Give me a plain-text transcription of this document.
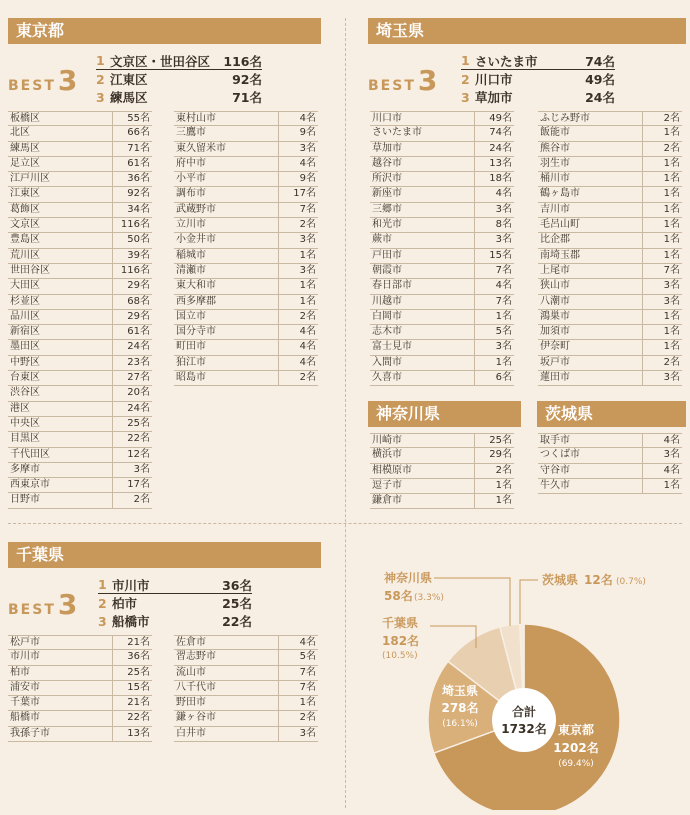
東京都
BEST3
1 文京区・世田谷区	116名
2 江東区	92名
3 練馬区	71名
板橋区	55名
北区	66名
練馬区	71名
足立区	61名
江戸川区	36名
江東区	92名
葛飾区	34名
文京区	116名
豊島区	50名
荒川区	39名
世田谷区	116名
大田区	29名
杉並区	68名
品川区	29名
新宿区	61名
墨田区	24名
中野区	23名
台東区	27名
渋谷区	20名
港区	24名
中央区	25名
目黒区	22名
千代田区	12名
多摩市	3名
西東京市	17名
日野市	2名
東村山市	4名
三鷹市	9名
東久留米市	3名
府中市	4名
小平市	9名
調布市	17名
武蔵野市	7名
立川市	2名
小金井市	3名
稲城市	1名
清瀬市	3名
東大和市	1名
西多摩郡	1名
国立市	2名
国分寺市	4名
町田市	4名
狛江市	4名
昭島市	2名
埼玉県
BEST3
1 さいたま市	74名
2 川口市	49名
3 草加市	24名
川口市	49名
さいたま市	74名
草加市	24名
越谷市	13名
所沢市	18名
新座市	4名
三郷市	3名
和光市	8名
蕨市	3名
戸田市	15名
朝霞市	7名
春日部市	4名
川越市	7名
白岡市	1名
志木市	5名
富士見市	3名
入間市	1名
久喜市	6名
ふじみ野市	2名
飯能市	1名
熊谷市	2名
羽生市	1名
桶川市	1名
鶴ヶ島市	1名
吉川市	1名
毛呂山町	1名
比企郡	1名
南埼玉郡	1名
上尾市	7名
狭山市	3名
八潮市	3名
鴻巣市	1名
加須市	1名
伊奈町	1名
坂戸市	2名
蓮田市	3名
神奈川県
川崎市	25名
横浜市	29名
相模原市	2名
逗子市	1名
鎌倉市	1名
茨城県
取手市	4名
つくば市	3名
守谷市	4名
牛久市	1名
千葉県
BEST3
1 市川市	36名
2 柏市	25名
3 船橋市	22名
松戸市	21名
市川市	36名
柏市	25名
浦安市	15名
千葉市	21名
船橋市	22名
我孫子市	13名
佐倉市	4名
習志野市	5名
流山市	7名
八千代市	7名
野田市	1名
鎌ヶ谷市	2名
白井市	3名
合計
1732名 東京都
1202名
(69.4%)
埼玉県
278名
(16.1%)
千葉県
182名
(10.5%)
神奈川県
58名 (3.3%)
茨城県 12名 (0.7%)
